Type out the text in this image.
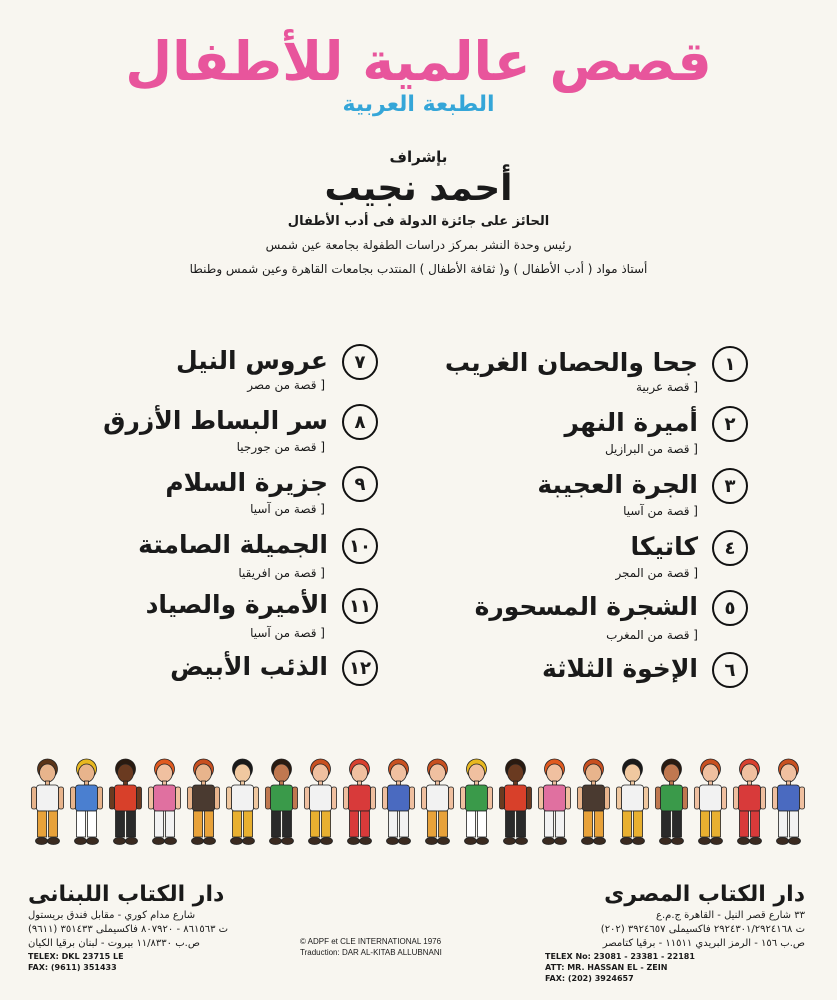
قصص عالمية للأطفال
الطبعة العربية
بإشراف
أحمد نجيب
الحائز على جائزة الدولة فى أدب الأطفال
رئيس وحدة النشر بمركز دراسات الطفولة بجامعة عين شمس
أستاذ مواد ( أدب الأطفال ) و( ثقافة الأطفال ) المنتدب بجامعات القاهرة وعين شمس وطنطا
١
جحا والحصان الغريب
[ قصة عربية
٢
أميرة النهر
[ قصة من البرازيل
٣
الجرة العجيبة
[ قصة من آسيا
٤
كاتيكا
[ قصة من المجر
٥
الشجرة المسحورة
[ قصة من المغرب
٦
الإخوة الثلاثة
٧
عروس النيل
[ قصة من مصر
٨
سر البساط الأزرق
[ قصة من جورجيا
٩
جزيرة السلام
[ قصة من آسيا
١٠
الجميلة الصامتة
[ قصة من افريقيا
١١
الأميرة والصياد
[ قصة من آسيا
١٢
الذئب الأبيض
دار الكتاب المصرى
٣٣ شارع قصر النيل - القاهرة ج.م.ع
ت ٢٩٢٤٣٠١/٢٩٢٤١٦٨ فاكسيملى ٣٩٢٤٦٥٧ (٢٠٢)
ص.ب ١٥٦ - الرمز البريدي ١١٥١١ - برقيا كتامصر
TELEX No: 23081 - 23381 - 22181
ATT: MR. HASSAN EL - ZEIN
FAX: (202) 3924657
دار الكتاب اللبنانى
شارع مدام كوري - مقابل فندق بريستول
ت ٨٦١٥٦٣ - ٨٠٧٩٢٠ فاكسيملى ٣٥١٤٣٣ (٩٦١١)
ص.ب ١١/٨٣٣٠ بيروت - لبنان برقيا الكيان
TELEX: DKL 23715 LE
FAX: (9611) 351433
© ADPF et CLE INTERNATIONAL 1976
Traduction: DAR AL-KITAB ALLUBNANI
